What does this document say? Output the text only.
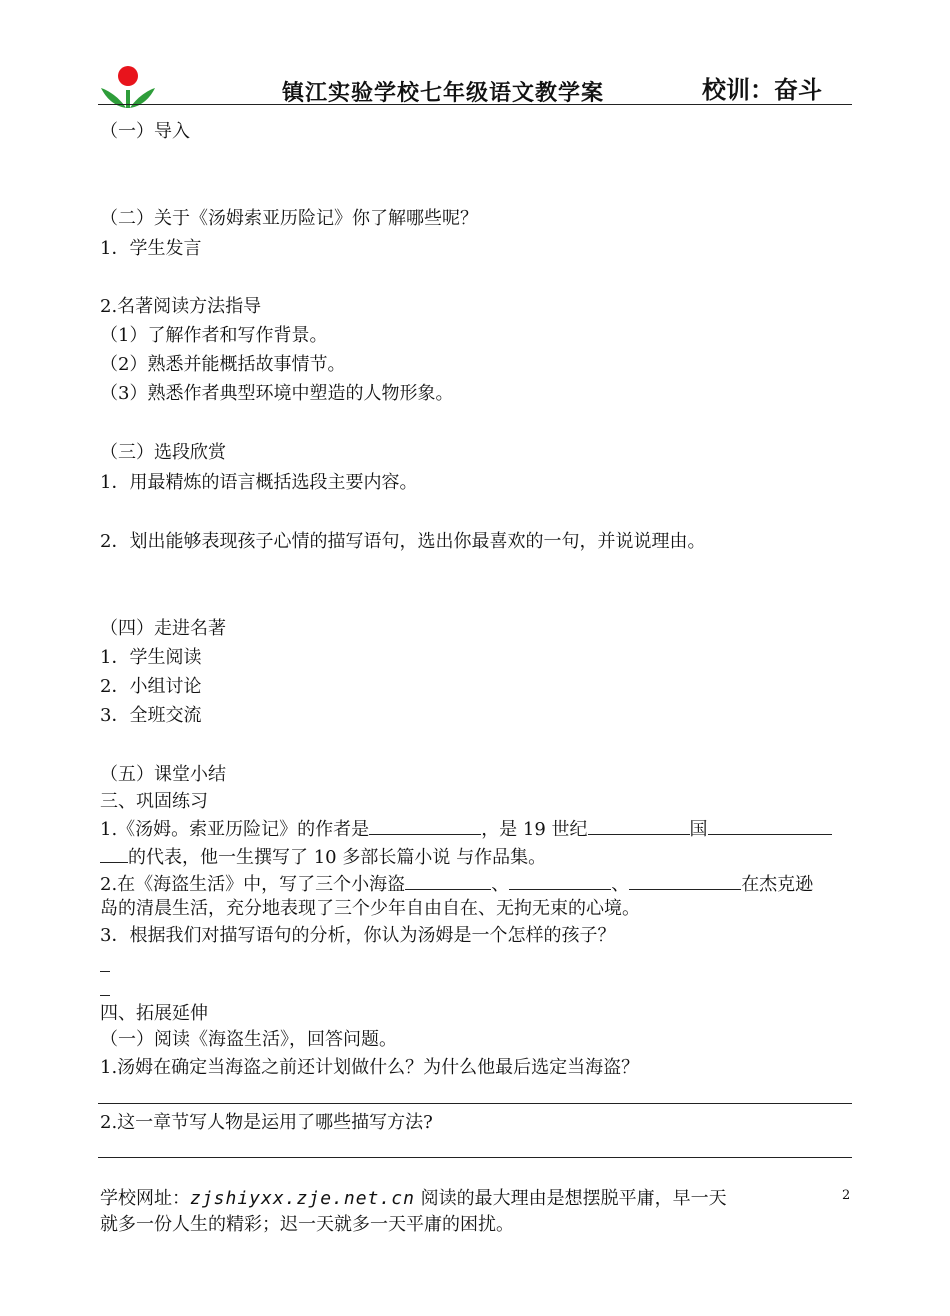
镇江实验学校七年级语文教学案	校训：奋斗
（一）导入
（二）关于《汤姆索亚历险记》你了解哪些呢？
1．学生发言
2.名著阅读方法指导
（1）了解作者和写作背景。
（2）熟悉并能概括故事情节。
（3）熟悉作者典型环境中塑造的人物形象。
（三）选段欣赏
1．用最精炼的语言概括选段主要内容。
2．划出能够表现孩子心情的描写语句，选出你最喜欢的一句，并说说理由。
（四）走进名著
1．学生阅读
2．小组讨论
3．全班交流
（五）课堂小结
三、巩固练习
1.《汤姆。索亚历险记》的作者是	，是 19 世纪	国
的代表，他一生撰写了 10 多部长篇小说 与作品集。
2.在《海盗生活》中，写了三个小海盗	、	、	在杰克逊
岛的清晨生活，充分地表现了三个少年自由自在、无拘无束的心境。
3．根据我们对描写语句的分析，你认为汤姆是一个怎样的孩子？
四、拓展延伸
（一）阅读《海盗生活》，回答问题。
1.汤姆在确定当海盗之前还计划做什么？为什么他最后选定当海盗？
2.这一章节写人物是运用了哪些描写方法?
学校网址：zjshiyxx.zje.net.cn 阅读的最大理由是想摆脱平庸，早一天
就多一份人生的精彩；迟一天就多一天平庸的困扰。
2
